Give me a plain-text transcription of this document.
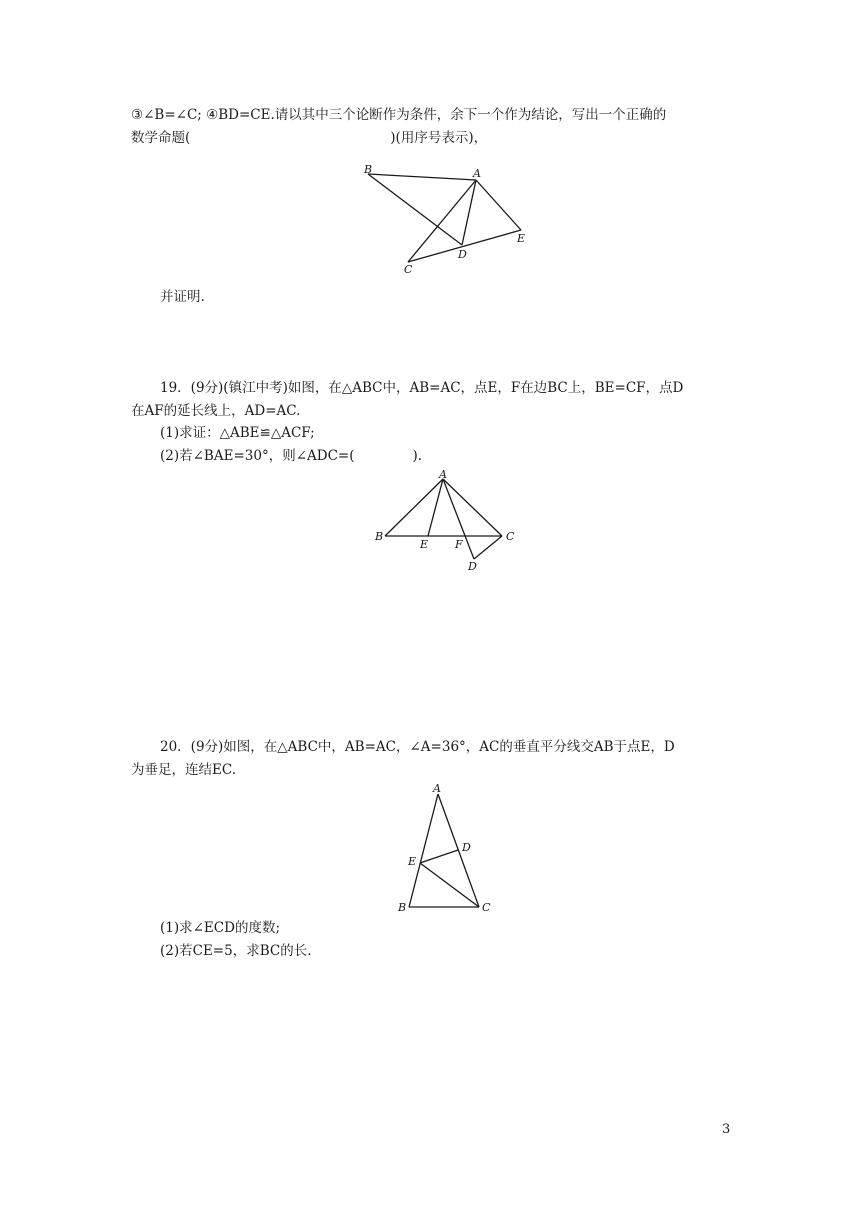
③∠B=∠C; ④BD=CE.请以其中三个论断作为条件，余下一个作为结论，写出一个正确的
数学命题(	)(用序号表示)，
B	A
E
C
D
并证明.
19．(9分)(镇江中考)如图，在△ABC中，AB=AC，点E，F在边BC上，BE=CF，点D
在AF的延长线上，AD=AC.
(1)求证：△ABE≌△ACF;
(2)若∠BAE=30°，则∠ADC=(	).
A
B
E F
C
D
20．(9分)如图，在△ABC中，AB=AC，∠A=36°，AC的垂直平分线交AB于点E，D
为垂足，连结EC.
A
D
E
B	C
(1)求∠ECD的度数;
(2)若CE=5，求BC的长.
3
